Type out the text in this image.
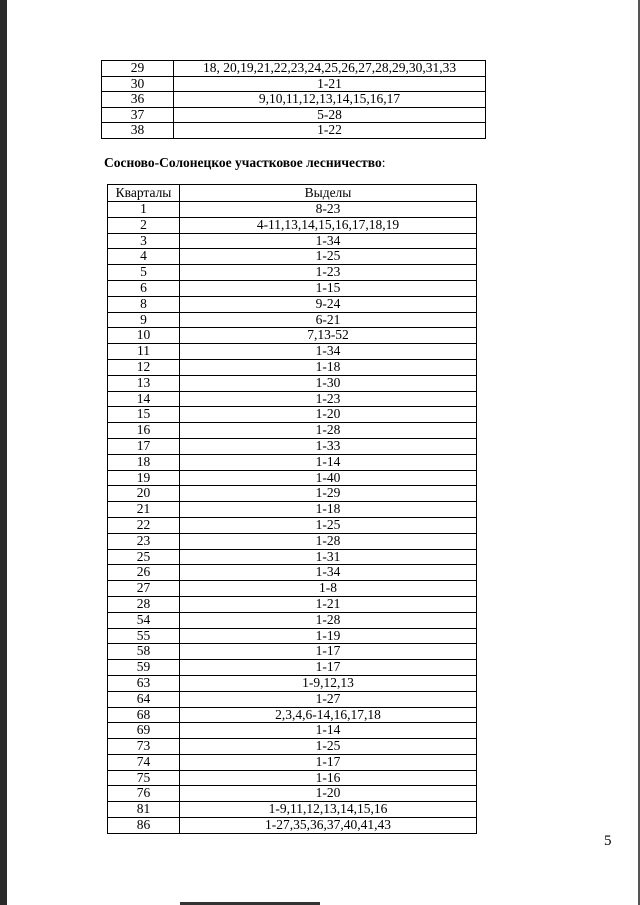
29	18, 20,19,21,22,23,24,25,26,27,28,29,30,31,33
30	1-21
36	9,10,11,12,13,14,15,16,17
37	5-28
38	1-22
Сосново-Солонецкое участковое лесничество:
Кварталы	Выделы
1	8-23
2	4-11,13,14,15,16,17,18,19
3	1-34
4	1-25
5	1-23
6	1-15
8	9-24
9	6-21
10	7,13-52
11	1-34
12	1-18
13	1-30
14	1-23
15	1-20
16	1-28
17	1-33
18	1-14
19	1-40
20	1-29
21	1-18
22	1-25
23	1-28
25	1-31
26	1-34
27	1-8
28	1-21
54	1-28
55	1-19
58	1-17
59	1-17
63	1-9,12,13
64	1-27
68	2,3,4,6-14,16,17,18
69	1-14
73	1-25
74	1-17
75	1-16
76	1-20
81	1-9,11,12,13,14,15,16
86	1-27,35,36,37,40,41,43
5
